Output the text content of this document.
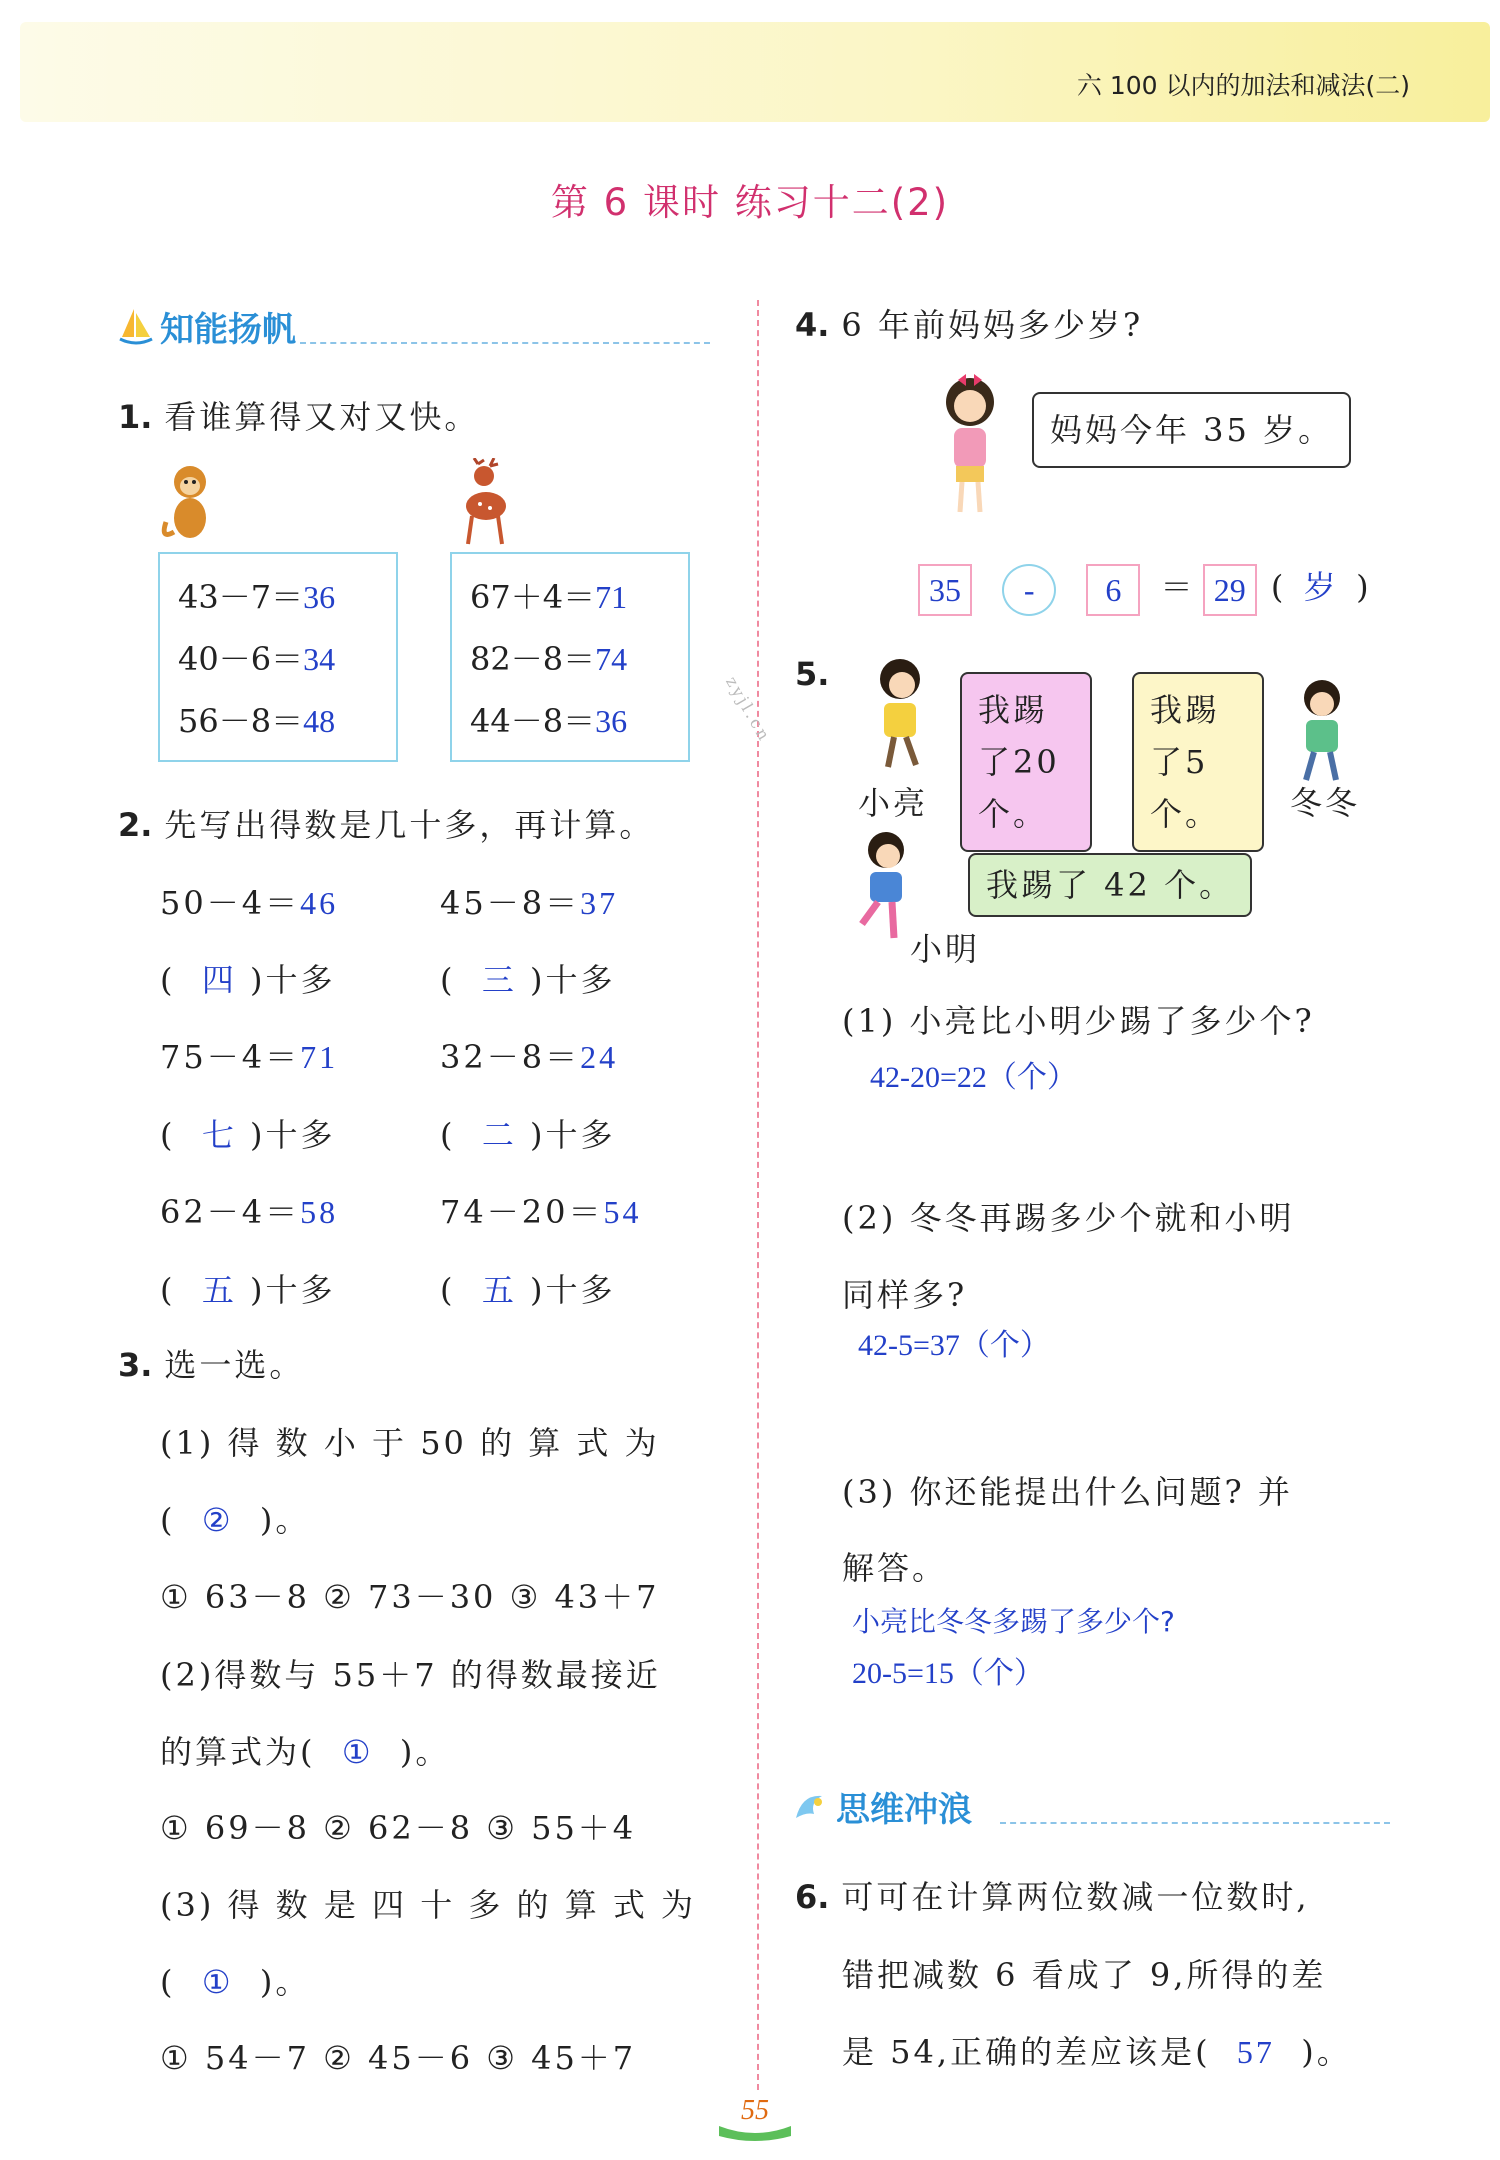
六 100 以内的加法和减法(二)
第 6 课时 练习十二(2)
知能扬帆
1. 看谁算得又对又快。
43－7＝36
40－6＝34
56－8＝48
67＋4＝71
82－8＝74
44－8＝36	zyjl.cn
2. 先写出得数是几十多，再计算。
50－4＝46	45－8＝37
(  四 )十多	(  三 )十多
75－4＝71	32－8＝24
(  七 )十多	(  二 )十多
62－4＝58	74－20＝54
(  五 )十多	(  五 )十多
3. 选一选。
(1) 得 数 小 于 50 的 算 式 为
( ② )。
① 63－8 ② 73－30 ③ 43＋7
(2)得数与 55＋7 的得数最接近
的算式为( ① )。
① 69－8 ② 62－8 ③ 55＋4
(3) 得 数 是 四 十 多 的 算 式 为
( ① )。
① 54－7 ② 45－6 ③ 45＋7
4. 6 年前妈妈多少岁?
妈妈今年 35 岁。
35 - 6 ＝ 29 ( 岁 )
5.
小亮
我踢了20 个。
我踢了5 个。	冬冬
小明
我踢了 42 个。
(1) 小亮比小明少踢了多少个?
42-20=22（个）
(2) 冬冬再踢多少个就和小明
同样多?
42-5=37（个）
(3) 你还能提出什么问题? 并
解答。
小亮比冬冬多踢了多少个?
20-5=15（个）
思维冲浪
6. 可可在计算两位数减一位数时,
错把减数 6 看成了 9,所得的差
是 54,正确的差应该是( 57 )。
55
